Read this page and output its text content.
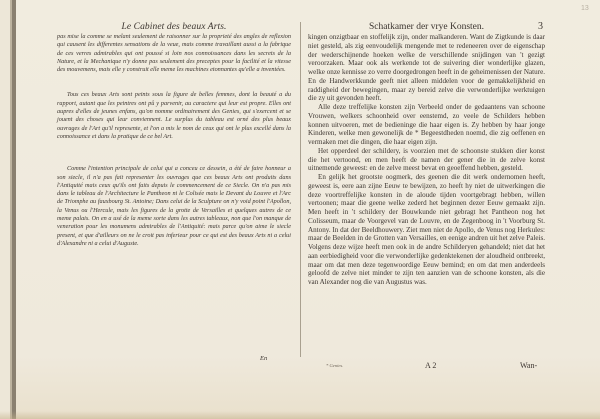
13
Le Cabinet des beaux Arts.

pas mise la comme se melant seulement de raisonner sur la proprieté des angles de reflexion qui causent les differentes sensations de la veue, mais comme travaillant aussi a la fabrique de ces verres admirables qui ont poussé si loin nos connoissances dans les secrets de la Nature, et la Mechanique n'y donne pas seulement des preceptes pour la facilité et la vitesse des mouvemens, mais elle y construit elle meme les machines etonnantes qu'elle a inventées.

Tous ces beaux Arts sont peints sous la figure de belles femmes, dont la beauté a du rapport, autant que les peintres ont pû y parvenir, au caractere qui leur est propre. Elles ont aupres d'elles de jeunes enfans, qu'on nomme ordinairement des Genies, qui s'exercent et se jouent des choses qui leur conviennent. Le surplus du tableau est orné des plus beaux ouvrages de l'Art qu'il represente, et l'on a mis le nom de ceux qui ont le plus excellé dans la connoissance et dans la pratique de ce bel Art.

Comme l'intention principale de celui qui a conceu ce dessein, a été de faire honneur a son siecle, il n'a pas fait representer les ouvrages que ces beaux Arts ont produits dans l'Antiquité mais ceux qu'ils ont faits depuis le commencement de ce Siecle. On n'a pas mis dans le tableau de l'Architecture le Pantheon ni le Colisée mais le Devant du Louvre et l'Arc de Triomphe au fauxbourg St. Antoine; Dans celui de la Sculpture on n'y void point l'Apollon, la Venus ou l'Hercule, mais les figures de la grotte de Versailles et quelques autres de ce meme palais. On en a usé de la meme sorte dans les autres tableaux, non que l'on manque de veneration pour les monumens admirables de l'Antiquité: mais parce qu'on aime le siecle present, et que d'ailleurs on ne le croit pas inferieur pour ce qui est des beaux Arts ni a celui d'Alexandre ni a celui d'Auguste.

En
Schatkamer der vrye Konsten.	3

kingen onzigtbaar en stoffelijk zijn, onder malkanderen. Want de Zigtkunde is daar niet gesteld, als zig eenvoudelijk mengende met te redeneeren over de eigenschap der wederschijnende hoeken welke de verschillende snijdingen van 't gezigt veroorzaken. Maar ook als werkende tot de suivering dier wonderlijke glazen, welke onze kennisse zo verre doorgedrongen heeft in de geheimenissen der Nature. En de Handwerkkunde geeft niet alleen middelen voor de gemakkelijkheid en raddigheid der bewegingen, maar zy bereid zelve die verwonderlijke werktuigen die zy uit gevonden heeft.

Alle deze treffelijke konsten zijn Verbeeld onder de gedaantens van schoone Vrouwen, welkers schoonheid over eenstemd, zo veele de Schilders hebben konnen uitvoeren, met de bedieninge die haar eigen is. Zy hebben by haar jonge Kinderen, welke men gewonelijk de * Begeestdheden noemd, die zig oeffenen en vermaken met die dingen, die haar eigen zijn.

Het opperdeel der schildery, is voorzien met de schoonste stukken dier konst die het vertoond, en men heeft de namen der gener die in de zelve konst uitnemende geweest: en de zelve meest bevat en geoeffend hebben, gesteld.

En gelijk het grootste oogmerk, des geenen die dit werk ondernomen heeft, geweest is, eere aan zijne Eeuw te bewijzen, zo heeft hy niet de uitwerkingen die deze voortreffelijke konsten in de aloude tijden voortgebragt hebben, willen vertoonen; maar die geene welke zederd het beginnen dezer Eeuw gemaakt zijn. Men heeft in 't schildery der Bouwkunde niet gebragt het Pantheon nog het Colisseum, maar de Voorgevel van de Louvre, en de Zegenboog in 't Voorburg St. Antony. In dat der Beeldhouwery. Ziet men niet de Apollo, de Venus nog Herkules: maar de Beelden in de Grotten van Versailles, en eenige andren uit het zelve Paleis. Volgens deze wijze heeft men ook in de andre Schilderyen gehandeld; niet dat het aan eerbiedigheid voor die verwonderlijke gedenktekenen der aloudheid ontbreekt, maar om dat men deze tegenwoordige Eeuw bemind; en om dat men anderdeels geloofd de zelve niet minder te zijn ten aanzien van de schoone konsten, als die van Alexander nog die van Augustus was.

A 2	Wan-
* Genies.
